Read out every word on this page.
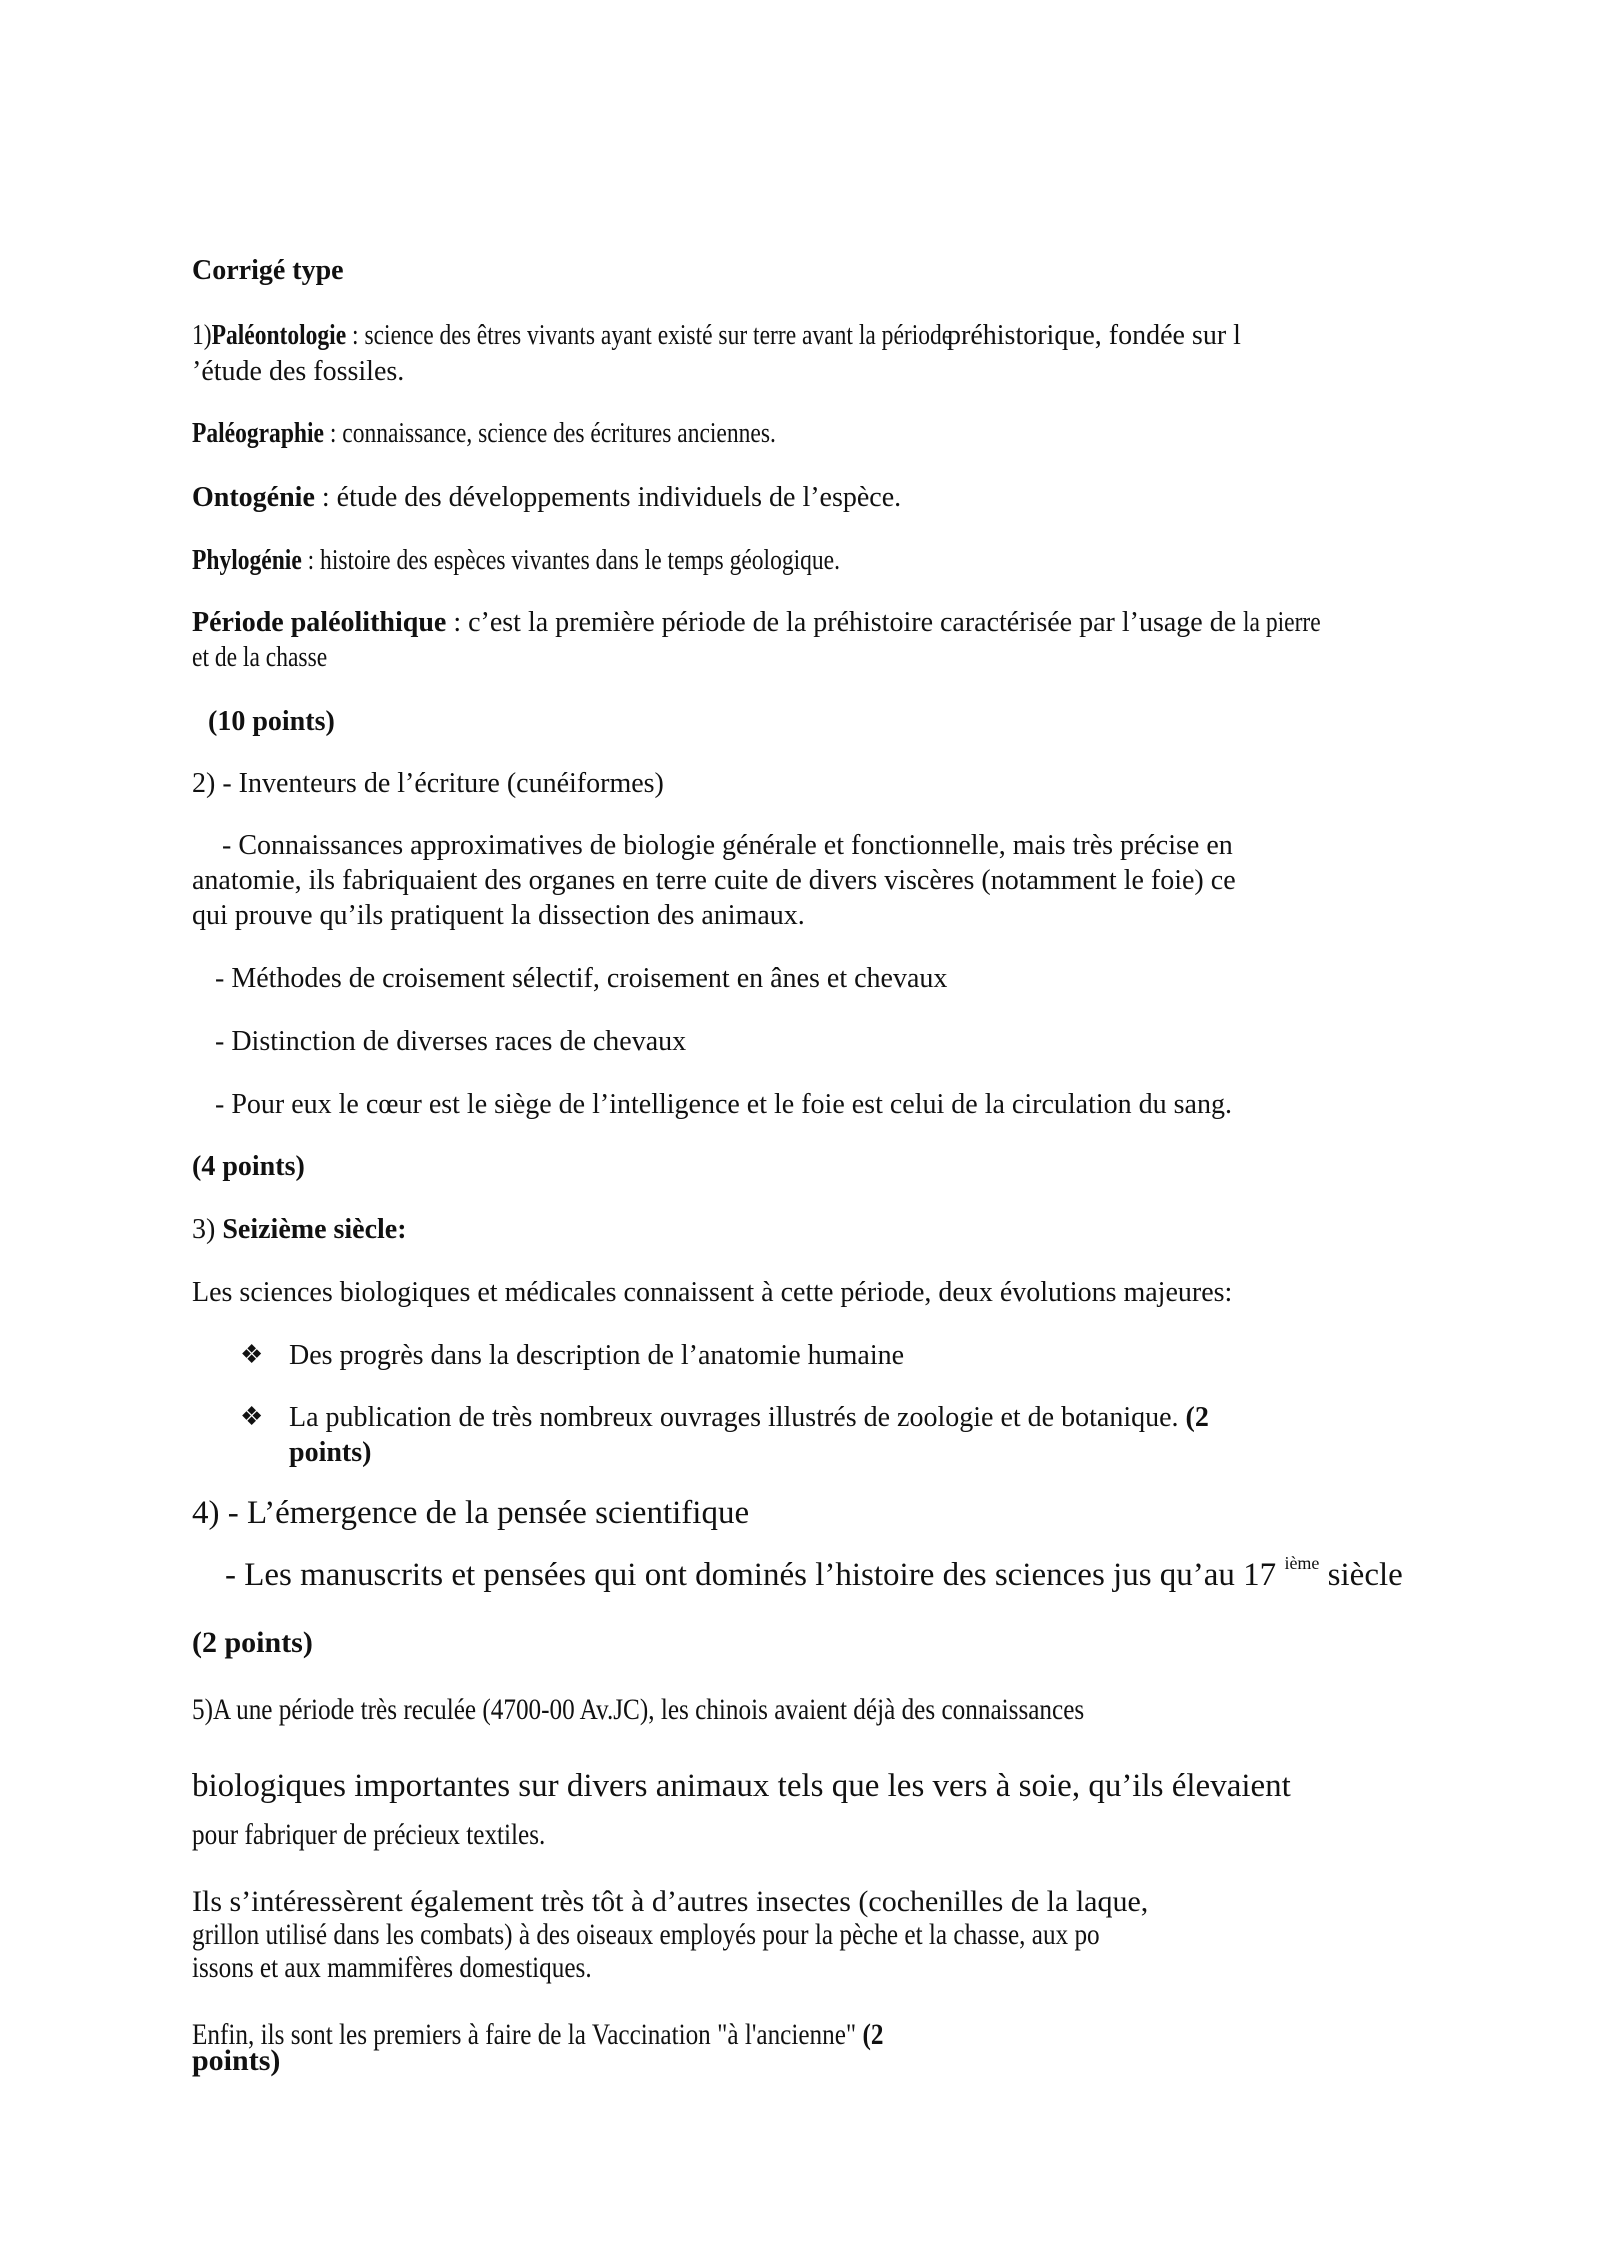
Corrigé type

1)Paléontologie : science des êtres vivants ayant existé sur terre avant la périodepréhistorique, fondée sur l

’étude des fossiles.

Paléographie : connaissance, science des écritures anciennes.

Ontogénie : étude des développements individuels de l’espèce.

Phylogénie : histoire des espèces vivantes dans le temps géologique.

Période paléolithique : c’est la première période de la préhistoire caractérisée par l’usage de la pierre

et de la chasse

(10 points)

2) - Inventeurs de l’écriture (cunéiformes)

- Connaissances approximatives de biologie générale et fonctionnelle, mais très précise en

anatomie, ils fabriquaient des organes en terre cuite de divers viscères (notamment le foie) ce

qui prouve qu’ils pratiquent la dissection des animaux.

- Méthodes de croisement sélectif, croisement en ânes et chevaux

- Distinction de diverses races de chevaux

- Pour eux le cœur est le siège de l’intelligence et le foie est celui de la circulation du sang.

(4 points)

3) Seizième siècle:

Les sciences biologiques et médicales connaissent à cette période, deux évolutions majeures:

❖ Des progrès dans la description de l’anatomie humaine

❖ La publication de très nombreux ouvrages illustrés de zoologie et de botanique. (2

points)

4) - L’émergence de la pensée scientifique

- Les manuscrits et pensées qui ont dominés l’histoire des sciences jus qu’au 17 $^{ième}$ siècle

(2 points)

5)A une période très reculée (4700-00 Av.JC), les chinois avaient déjà des connaissances

biologiques importantes sur divers animaux tels que les vers à soie, qu’ils élevaient

pour fabriquer de précieux textiles.

Ils s’intéressèrent également très tôt à d’autres insectes (cochenilles de la laque,

grillon utilisé dans les combats) à des oiseaux employés pour la pèche et la chasse, aux po

issons et aux mammifères domestiques.

Enfin, ils sont les premiers à faire de la Vaccination "à l'ancienne" (2

points)
